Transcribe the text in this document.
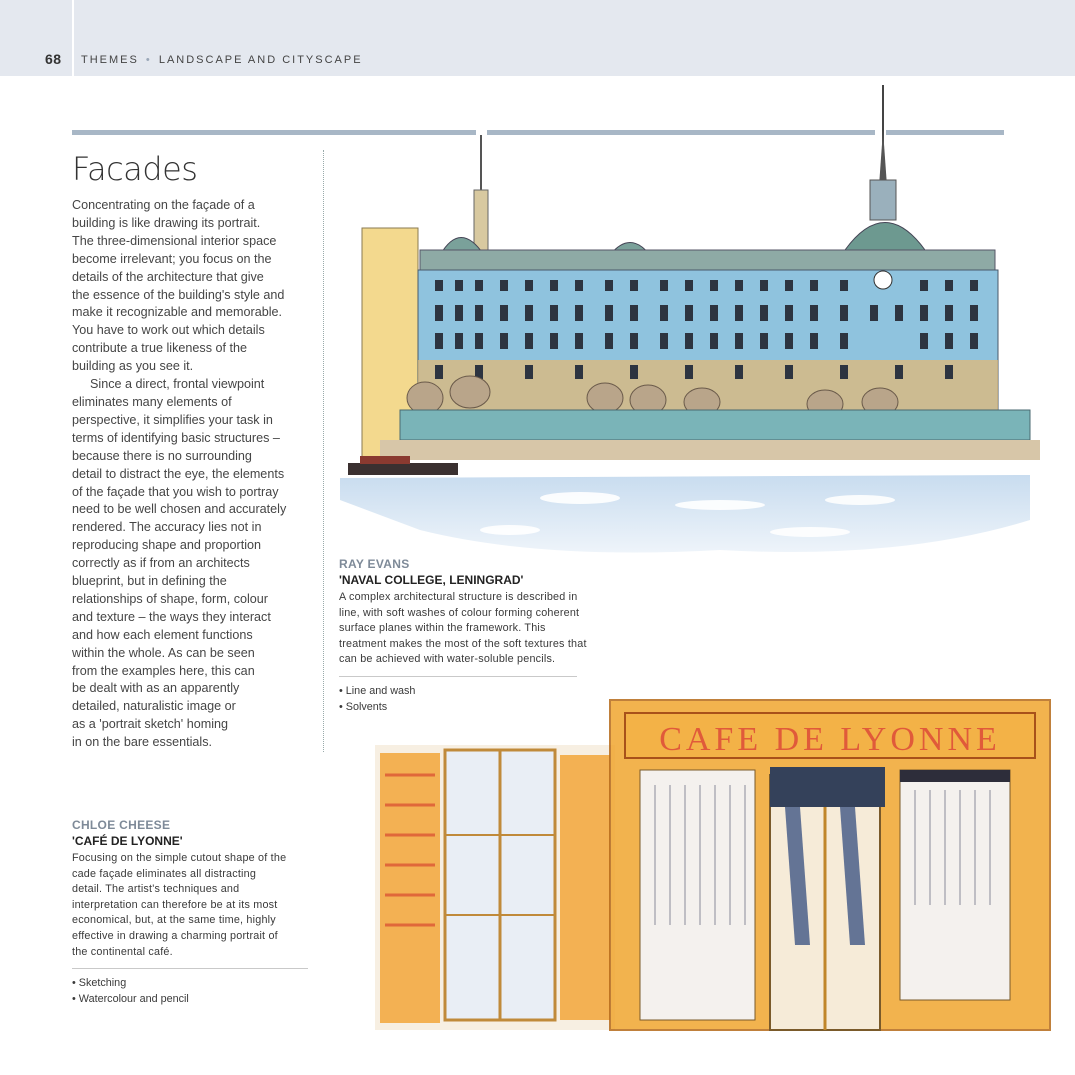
68 THEMES • LANDSCAPE AND CITYSCAPE
Facades
Concentrating on the façade of a
building is like drawing its portrait.
The three-dimensional interior space
become irrelevant; you focus on the
details of the architecture that give
the essence of the building's style and
make it recognizable and memorable.
You have to work out which details
contribute a true likeness of the
building as you see it.
Since a direct, frontal viewpoint
eliminates many elements of
perspective, it simplifies your task in
terms of identifying basic structures –
because there is no surrounding
detail to distract the eye, the elements
of the façade that you wish to portray
need to be well chosen and accurately
rendered. The accuracy lies not in
reproducing shape and proportion
correctly as if from an architects
blueprint, but in defining the
relationships of shape, form, colour
and texture – the ways they interact
and how each element functions
within the whole. As can be seen
from the examples here, this can
be dealt with as an apparently
detailed, naturalistic image or
as a 'portrait sketch' homing
in on the bare essentials.
RAY EVANS
'NAVAL COLLEGE, LENINGRAD'
A complex architectural structure is described in
line, with soft washes of colour forming coherent
surface planes within the framework. This
treatment makes the most of the soft textures that
can be achieved with water-soluble pencils.
• Line and wash
• Solvents
CAFE DE LYONNE
CHLOE CHEESE
'CAFÉ DE LYONNE'
Focusing on the simple cutout shape of the
cade façade eliminates all distracting
detail. The artist's techniques and
interpretation can therefore be at its most
economical, but, at the same time, highly
effective in drawing a charming portrait of
the continental café.
• Sketching
• Watercolour and pencil
